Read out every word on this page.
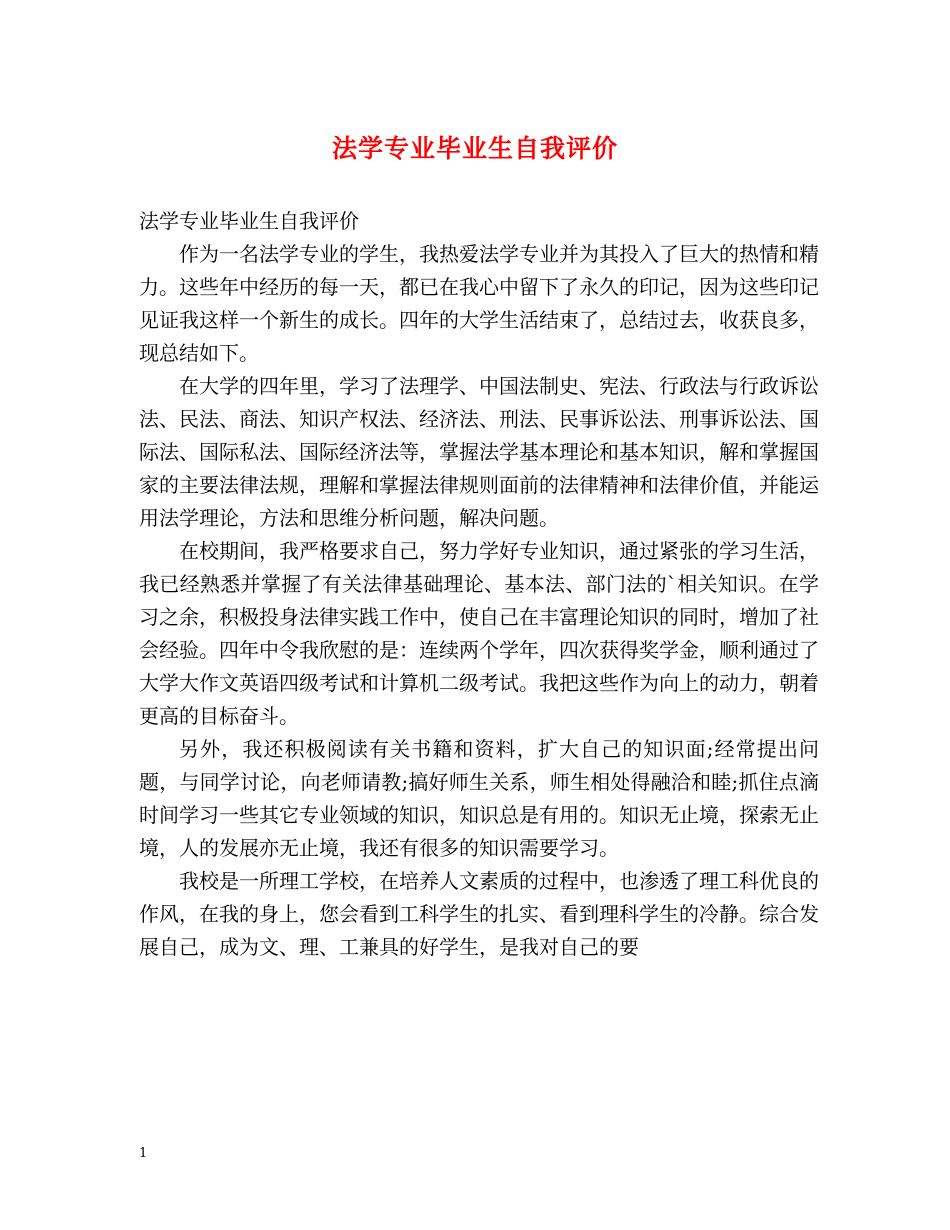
法学专业毕业生自我评价

法学专业毕业生自我评价

作为一名法学专业的学生，我热爱法学专业并为其投入了巨大的热情和精力。这些年中经历的每一天，都已在我心中留下了永久的印记，因为这些印记见证我这样一个新生的成长。四年的大学生活结束了，总结过去，收获良多，现总结如下。

在大学的四年里，学习了法理学、中国法制史、宪法、行政法与行政诉讼法、民法、商法、知识产权法、经济法、刑法、民事诉讼法、刑事诉讼法、国际法、国际私法、国际经济法等，掌握法学基本理论和基本知识，解和掌握国家的主要法律法规，理解和掌握法律规则面前的法律精神和法律价值，并能运用法学理论，方法和思维分析问题，解决问题。

在校期间，我严格要求自己，努力学好专业知识，通过紧张的学习生活，我已经熟悉并掌握了有关法律基础理论、基本法、部门法的`相关知识。在学习之余，积极投身法律实践工作中，使自己在丰富理论知识的同时，增加了社会经验。四年中令我欣慰的是：连续两个学年，四次获得奖学金，顺利通过了大学大作文英语四级考试和计算机二级考试。我把这些作为向上的动力，朝着更高的目标奋斗。

另外，我还积极阅读有关书籍和资料，扩大自己的知识面;经常提出问题，与同学讨论，向老师请教;搞好师生关系，师生相处得融洽和睦;抓住点滴时间学习一些其它专业领域的知识，知识总是有用的。知识无止境，探索无止境，人的发展亦无止境，我还有很多的知识需要学习。

我校是一所理工学校，在培养人文素质的过程中，也渗透了理工科优良的作风，在我的身上，您会看到工科学生的扎实、看到理科学生的冷静。综合发展自己，成为文、理、工兼具的好学生，是我对自己的要

1
